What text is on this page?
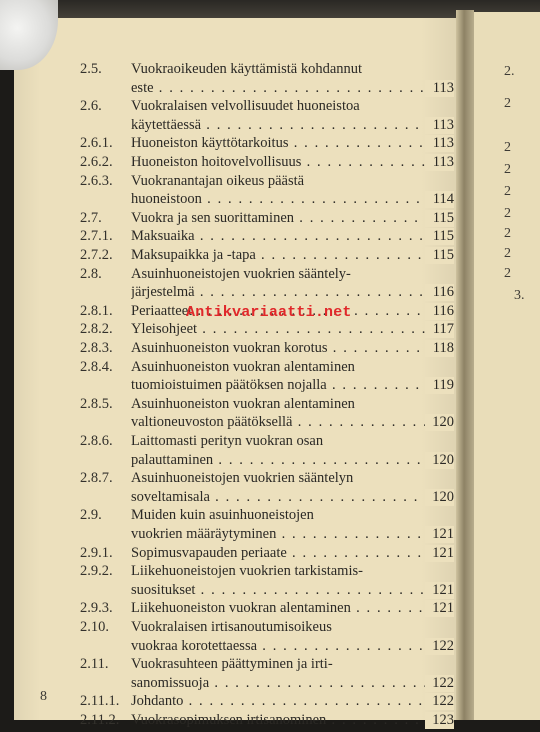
2.
2
2
2
2
2
2
2
2
3.
2.5. Vuokraoikeuden käyttämistä kohdannut
este . . .	113
2.6. Vuokralaisen velvollisuudet huoneistoa
käytettäessä . . .	113
2.6.1. Huoneiston käyttötarkoitus . . .	113
2.6.2. Huoneiston hoitovelvollisuus . . .	113
2.6.3. Vuokranantajan oikeus päästä
huoneistoon . . .	114
2.7. Vuokra ja sen suorittaminen . . .	115
2.7.1. Maksuaika . . .	115
2.7.2. Maksupaikka ja -tapa . . .	115
2.8. Asuinhuoneistojen vuokrien sääntely-
järjestelmä . . .	116
2.8.1. Periaatteet . . .	116
2.8.2. Yleisohjeet . . .	117
2.8.3. Asuinhuoneiston vuokran korotus . . .	118
2.8.4. Asuinhuoneiston vuokran alentaminen
tuomioistuimen päätöksen nojalla . . .	119
2.8.5. Asuinhuoneiston vuokran alentaminen
valtioneuvoston päätöksellä . . .	120
2.8.6. Laittomasti perityn vuokran osan
palauttaminen . . .	120
2.8.7. Asuinhuoneistojen vuokrien sääntelyn
soveltamisala . . .	120
2.9. Muiden kuin asuinhuoneistojen
vuokrien määräytyminen . . .	121
2.9.1. Sopimusvapauden periaate . . .	121
2.9.2. Liikehuoneistojen vuokrien tarkistamis-
suositukset . . .	121
2.9.3. Liikehuoneiston vuokran alentaminen . . .	121
2.10. Vuokralaisen irtisanoutumisoikeus
vuokraa korotettaessa . . .	122
2.11. Vuokrasuhteen päättyminen ja irti-
sanomissuoja . . .	122
2.11.1. Johdanto . . .	122
2.11.2. Vuokrasopimuksen irtisanominen . . .	123
8
Antikvariaatti.net
